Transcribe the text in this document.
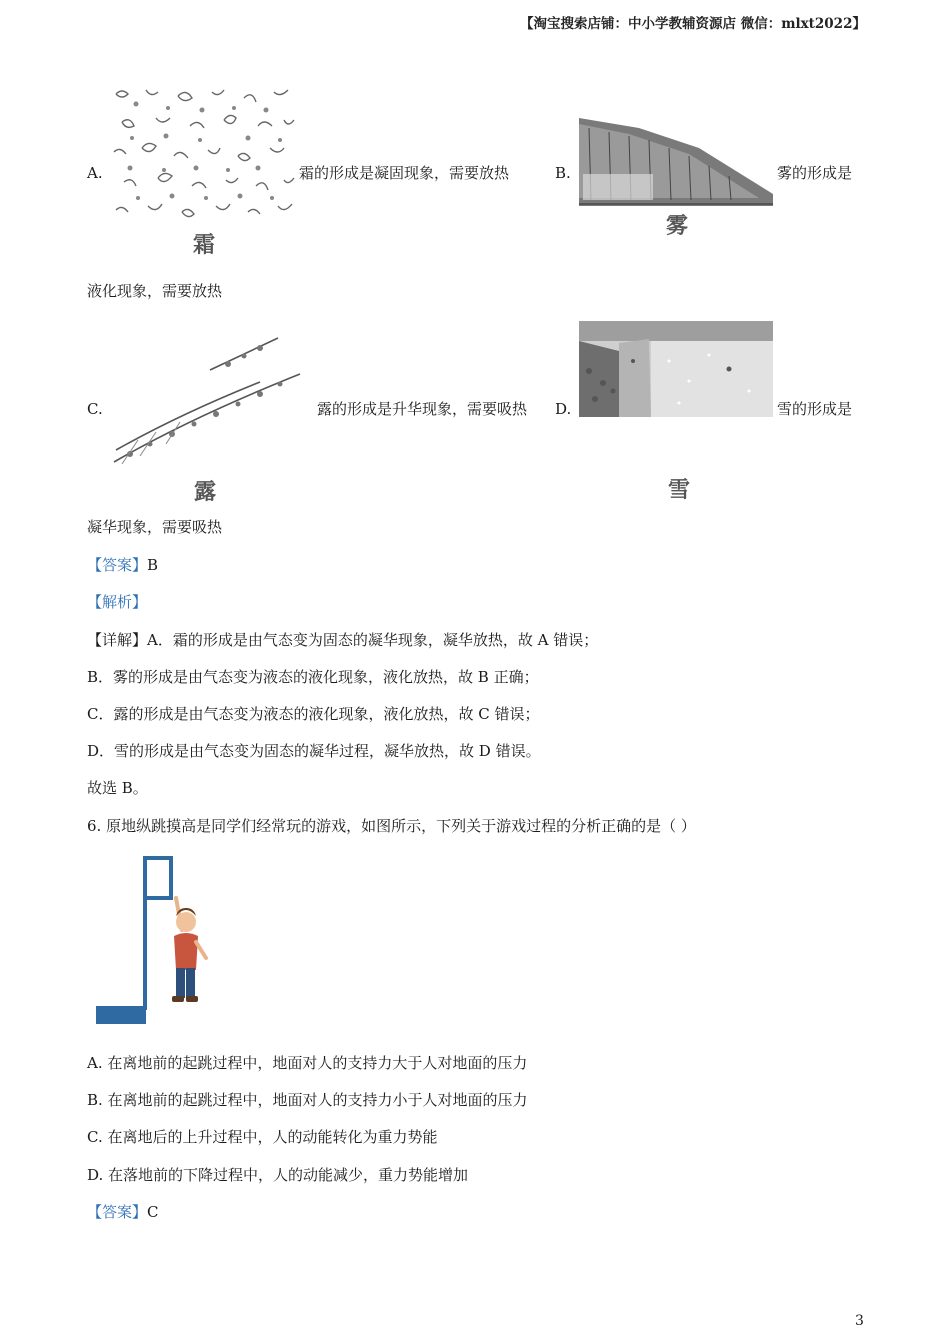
【淘宝搜索店铺：中小学教辅资源店 微信：mlxt2022】
A.
霜
霜的形成是凝固现象，需要放热	B.
雾
雾的形成是
液化现象，需要放热
C.
露
露的形成是升华现象，需要吸热 D.
雪
雪的形成是
凝华现象，需要吸热
【答案】B
【解析】
【详解】A．霜的形成是由气态变为固态的凝华现象，凝华放热，故 A 错误；
B．雾的形成是由气态变为液态的液化现象，液化放热，故 B 正确；
C．露的形成是由气态变为液态的液化现象，液化放热，故 C 错误；
D．雪的形成是由气态变为固态的凝华过程，凝华放热，故 D 错误。
故选 B。
6. 原地纵跳摸高是同学们经常玩的游戏，如图所示，下列关于游戏过程的分析正确的是（ ）
A. 在离地前的起跳过程中，地面对人的支持力大于人对地面的压力
B. 在离地前的起跳过程中，地面对人的支持力小于人对地面的压力
C. 在离地后的上升过程中，人的动能转化为重力势能
D. 在落地前的下降过程中，人的动能减少，重力势能增加
【答案】C
3
